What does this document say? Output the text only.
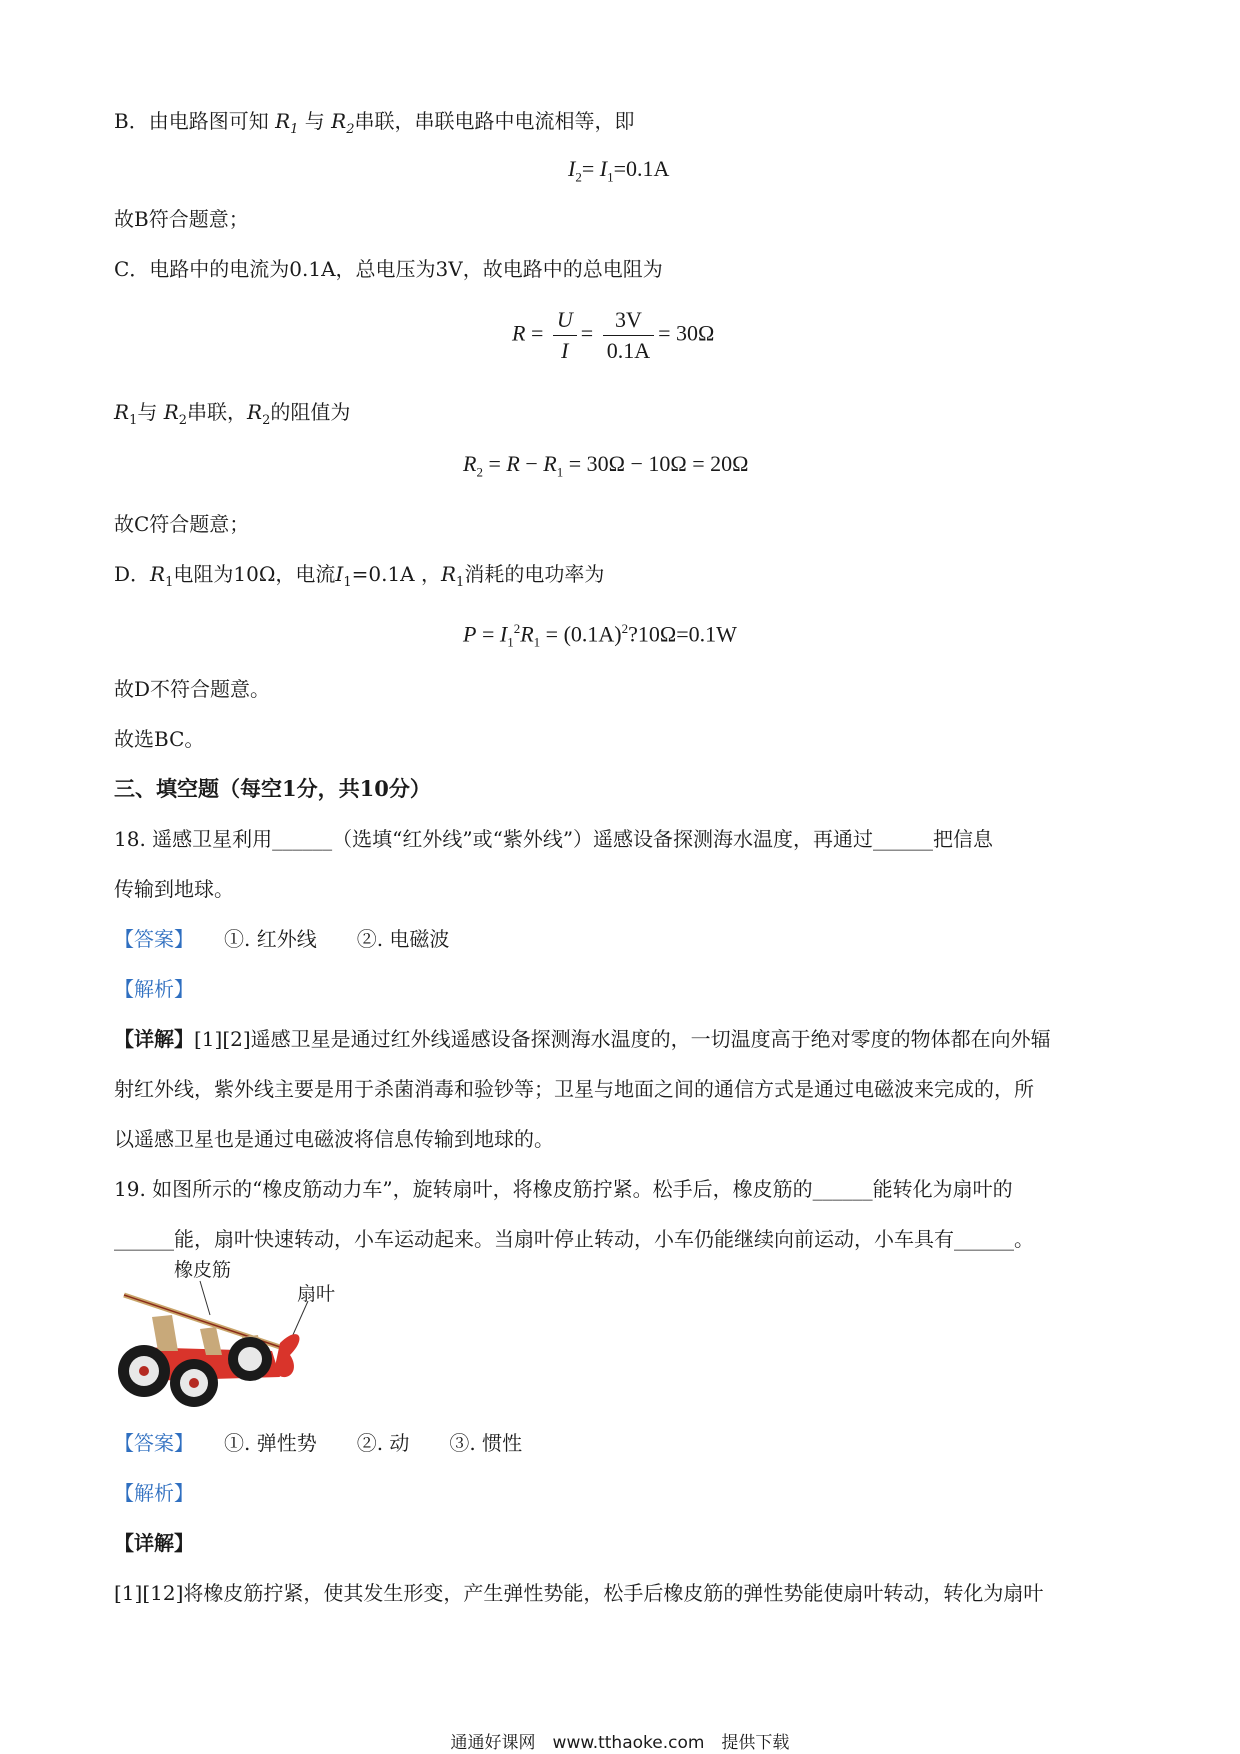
B．由电路图可知 $R_1$ 与 $R_2$串联，串联电路中电流相等，即
$I_2= I_1=0.1A$
故B符合题意；
C．电路中的电流为0.1A，总电压为3V，故电路中的总电阻为
$R = \frac{U}{I} = \frac{3V}{0.1A} = 30\Omega$
$R_1$与 $R_2$串联，$R_2$的阻值为
$R_2 = R - R_1 = 30\Omega - 10\Omega = 20\Omega$
故C符合题意；
D．$R_1$电阻为10Ω，电流$I_1=0.1A$ ，$R_1$消耗的电功率为
$P = I_1^2R_1$ = $(0.1A)^2?10\Omega=0.1W$
故D不符合题意。
故选BC。
三、填空题（每空1分，共10分）
18. 遥感卫星利用______（选填“红外线”或“紫外线”）遥感设备探测海水温度，再通过______把信息
传输到地球。
【答案】　　 ①. 红外线　　②. 电磁波
【解析】
【详解】[1][2]遥感卫星是通过红外线遥感设备探测海水温度的，一切温度高于绝对零度的物体都在向外辐
射红外线，紫外线主要是用于杀菌消毒和验钞等；卫星与地面之间的通信方式是通过电磁波来完成的，所
以遥感卫星也是通过电磁波将信息传输到地球的。
19. 如图所示的“橡皮筋动力车”，旋转扇叶，将橡皮筋拧紧。松手后，橡皮筋的______能转化为扇叶的
______能，扇叶快速转动，小车运动起来。当扇叶停止转动，小车仍能继续向前运动，小车具有______。
橡皮筋
扇叶
【答案】　　 ①. 弹性势　　②. 动　　③. 惯性
【解析】
【详解】
[1][12]将橡皮筋拧紧，使其发生形变，产生弹性势能，松手后橡皮筋的弹性势能使扇叶转动，转化为扇叶
通通好课网　www.tthaoke.com　提供下载
